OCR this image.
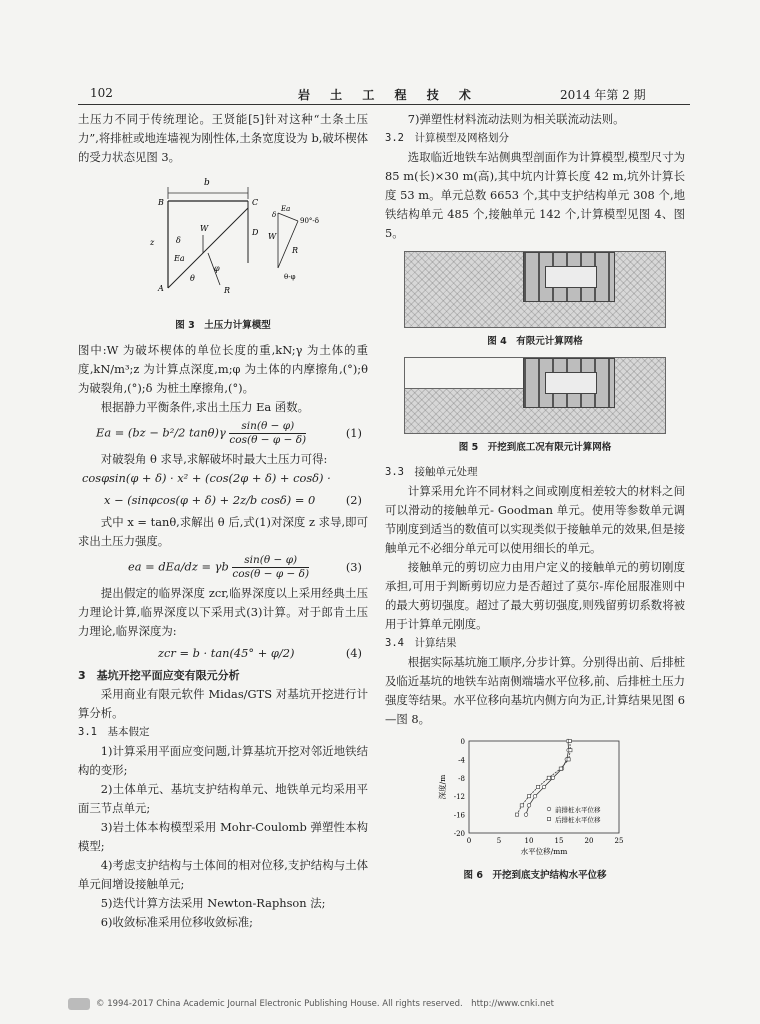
102	岩 土 工 程 技 术	2014 年第 2 期

土压力不同于传统理论。王贤能[5]针对这种“土条土压力”,将排桩或地连墙视为刚性体,土条宽度设为 b,破坏楔体的受力状态见图 3。

b
B	C
D
A
z
W
Ea
δ
φ
θ
R
W
Ea
R
δ
90°-δ
θ-φ
图 3　土压力计算模型

图中:W 为破坏楔体的单位长度的重,kN;γ 为土体的重度,kN/m³;z 为计算点深度,m;φ 为土体的内摩擦角,(°);θ 为破裂角,(°);δ 为桩土摩擦角,(°)。

根据静力平衡条件,求出土压力 Ea 函数。

Ea = (bz − b²/2 $\tan\theta)\gamma \frac{\sin(\theta - \varphi)}{\cos(\theta - \varphi - \delta)}$	(1)

对破裂角 θ 求导,求解破坏时最大土压力可得:

cosφsin(φ + δ) · x² + (cos(2φ + δ) + cosδ) ·
x − (sinφcos(φ + δ) + 2z/b cosδ) = 0	(2)

式中 x = tanθ,求解出 θ 后,式(1)对深度 z 求导,即可求出土压力强度。

ea = dEa/dz = γb $\frac{\sin(\theta - \varphi)}{\cos(\theta - \varphi - \delta)}$	(3)

提出假定的临界深度 zcr,临界深度以上采用经典土压力理论计算,临界深度以下采用式(3)计算。对于郎肯土压力理论,临界深度为:

zcr = b · tan(45° + φ/2)	(4)

3　基坑开挖平面应变有限元分析

采用商业有限元软件 Midas/GTS 对基坑开挖进行计算分析。

3.1　基本假定

1)计算采用平面应变问题,计算基坑开挖对邻近地铁结构的变形;

2)土体单元、基坑支护结构单元、地铁单元均采用平面三节点单元;

3)岩土体本构模型采用 Mohr-Coulomb 弹塑性本构模型;

4)考虑支护结构与土体间的相对位移,支护结构与土体单元间增设接触单元;

5)迭代计算方法采用 Newton-Raphson 法;

6)收敛标准采用位移收敛标准;

7)弹塑性材料流动法则为相关联流动法则。

3.2　计算模型及网格划分

选取临近地铁车站侧典型剖面作为计算模型,模型尺寸为 85 m(长)×30 m(高),其中坑内计算长度 42 m,坑外计算长度 53 m。单元总数 6653 个,其中支护结构单元 308 个,地铁结构单元 485 个,接触单元 142 个,计算模型见图 4、图 5。

图 4　有限元计算网格
图 5　开挖到底工况有限元计算网格

3.3　接触单元处理

计算采用允许不同材料之间或刚度相差较大的材料之间可以滑动的接触单元- Goodman 单元。使用等参数单元调节刚度到适当的数值可以实现类似于接触单元的效果,但是接触单元不必细分单元可以使用细长的单元。

接触单元的剪切应力由用户定义的接触单元的剪切刚度承担,可用于判断剪切应力是否超过了莫尔-库伦屈服准则中的最大剪切强度。超过了最大剪切强度,则残留剪切系数将被用于计算单元刚度。

3.4　计算结果

根据实际基坑施工顺序,分步计算。分别得出前、后排桩及临近基坑的地铁车站南侧端墙水平位移,前、后排桩土压力强度等结果。水平位移向基坑内侧方向为正,计算结果见图 6—图 8。

0	5	10	15	20	25
0
-4
-8
-12
-16
-20
水平位移/mm
深度/m
前排桩水平位移
后排桩水平位移
图 6　开挖到底支护结构水平位移
© 1994-2017 China Academic Journal Electronic Publishing House. All rights reserved.　http://www.cnki.net
